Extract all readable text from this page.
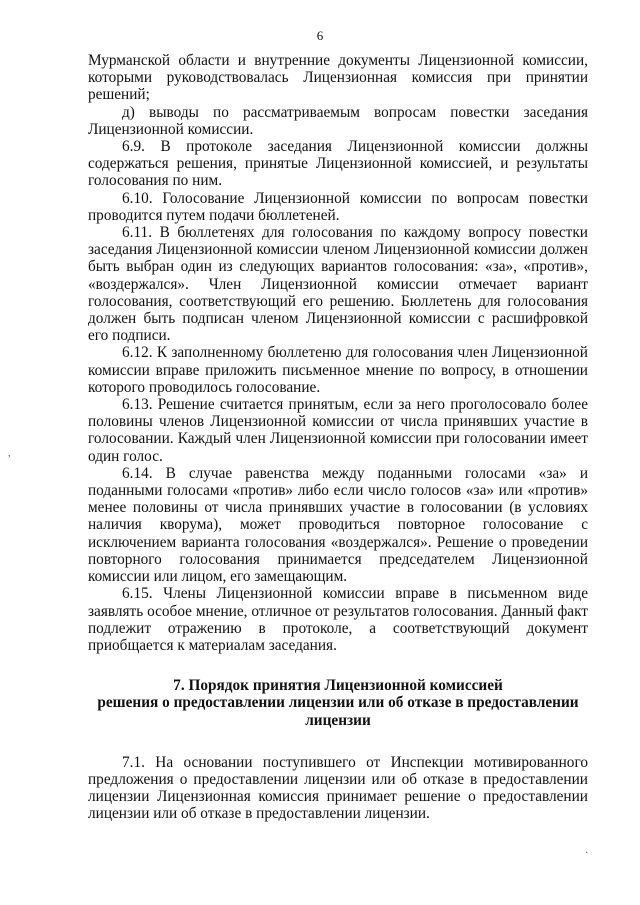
6

Мурманской области и внутренние документы Лицензионной комиссии, которыми руководствовалась Лицензионная комиссия при принятии решений;

д) выводы по рассматриваемым вопросам повестки заседания Лицензионной комиссии.

6.9. В протоколе заседания Лицензионной комиссии должны содержаться решения, принятые Лицензионной комиссией, и результаты голосования по ним.

6.10. Голосование Лицензионной комиссии по вопросам повестки проводится путем подачи бюллетеней.

6.11. В бюллетенях для голосования по каждому вопросу повестки заседания Лицензионной комиссии членом Лицензионной комиссии должен быть выбран один из следующих вариантов голосования: «за», «против», «воздержался». Член Лицензионной комиссии отмечает вариант голосования, соответствующий его решению. Бюллетень для голосования должен быть подписан членом Лицензионной комиссии с расшифровкой его подписи.

6.12. К заполненному бюллетеню для голосования член Лицензионной комиссии вправе приложить письменное мнение по вопросу, в отношении которого проводилось голосование.

6.13. Решение считается принятым, если за него проголосовало более половины членов Лицензионной комиссии от числа принявших участие в голосовании. Каждый член Лицензионной комиссии при голосовании имеет один голос.

6.14. В случае равенства между поданными голосами «за» и поданными голосами «против» либо если число голосов «за» или «против» менее половины от числа принявших участие в голосовании (в условиях наличия кворума), может проводиться повторное голосование с исключением варианта голосования «воздержался». Решение о проведении повторного голосования принимается председателем Лицензионной комиссии или лицом, его замещающим.

6.15. Члены Лицензионной комиссии вправе в письменном виде заявлять особое мнение, отличное от результатов голосования. Данный факт подлежит отражению в протоколе, а соответствующий документ приобщается к материалам заседания.

7. Порядок принятия Лицензионной комиссией
решения о предоставлении лицензии или об отказе в предоставлении
лицензии

7.1. На основании поступившего от Инспекции мотивированного предложения о предоставлении лицензии или об отказе в предоставлении лицензии Лицензионная комиссия принимает решение о предоставлении лицензии или об отказе в предоставлении лицензии.

,
·
